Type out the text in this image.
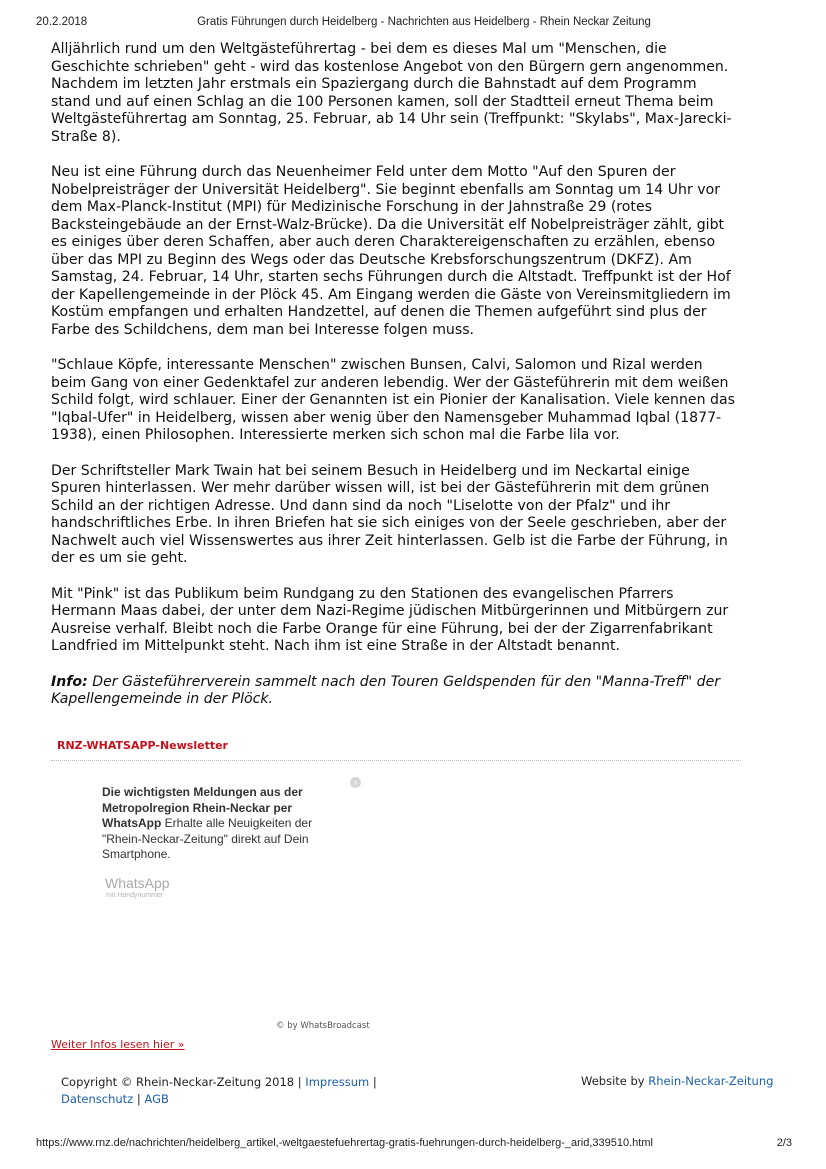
20.2.2018	Gratis Führungen durch Heidelberg - Nachrichten aus Heidelberg - Rhein Neckar Zeitung

Alljährlich rund um den Weltgästeführertag - bei dem es dieses Mal um "Menschen, die Geschichte schrieben" geht - wird das kostenlose Angebot von den Bürgern gern angenommen. Nachdem im letzten Jahr erstmals ein Spaziergang durch die Bahnstadt auf dem Programm stand und auf einen Schlag an die 100 Personen kamen, soll der Stadtteil erneut Thema beim Weltgästeführertag am Sonntag, 25. Februar, ab 14 Uhr sein (Treffpunkt: "Skylabs", Max-Jarecki-Straße 8).

Neu ist eine Führung durch das Neuenheimer Feld unter dem Motto "Auf den Spuren der Nobelpreisträger der Universität Heidelberg". Sie beginnt ebenfalls am Sonntag um 14 Uhr vor dem Max-Planck-Institut (MPI) für Medizinische Forschung in der Jahnstraße 29 (rotes Backsteingebäude an der Ernst-Walz-Brücke). Da die Universität elf Nobelpreisträger zählt, gibt es einiges über deren Schaffen, aber auch deren Charaktereigenschaften zu erzählen, ebenso über das MPI zu Beginn des Wegs oder das Deutsche Krebsforschungszentrum (DKFZ). Am Samstag, 24. Februar, 14 Uhr, starten sechs Führungen durch die Altstadt. Treffpunkt ist der Hof der Kapellengemeinde in der Plöck 45. Am Eingang werden die Gäste von Vereinsmitgliedern im Kostüm empfangen und erhalten Handzettel, auf denen die Themen aufgeführt sind plus der Farbe des Schildchens, dem man bei Interesse folgen muss.

"Schlaue Köpfe, interessante Menschen" zwischen Bunsen, Calvi, Salomon und Rizal werden beim Gang von einer Gedenktafel zur anderen lebendig. Wer der Gästeführerin mit dem weißen Schild folgt, wird schlauer. Einer der Genannten ist ein Pionier der Kanalisation. Viele kennen das "Iqbal-Ufer" in Heidelberg, wissen aber wenig über den Namensgeber Muhammad Iqbal (1877-1938), einen Philosophen. Interessierte merken sich schon mal die Farbe lila vor.

Der Schriftsteller Mark Twain hat bei seinem Besuch in Heidelberg und im Neckartal einige Spuren hinterlassen. Wer mehr darüber wissen will, ist bei der Gästeführerin mit dem grünen Schild an der richtigen Adresse. Und dann sind da noch "Liselotte von der Pfalz" und ihr handschriftliches Erbe. In ihren Briefen hat sie sich einiges von der Seele geschrieben, aber der Nachwelt auch viel Wissenswertes aus ihrer Zeit hinterlassen. Gelb ist die Farbe der Führung, in der es um sie geht.

Mit "Pink" ist das Publikum beim Rundgang zu den Stationen des evangelischen Pfarrers Hermann Maas dabei, der unter dem Nazi-Regime jüdischen Mitbürgerinnen und Mitbürgern zur Ausreise verhalf. Bleibt noch die Farbe Orange für eine Führung, bei der der Zigarrenfabrikant Landfried im Mittelpunkt steht. Nach ihm ist eine Straße in der Altstadt benannt.

Info: Der Gästeführerverein sammelt nach den Touren Geldspenden für den "Manna-Treff" der Kapellengemeinde in der Plöck.

RNZ-WHATSAPP-Newsletter
Die wichtigsten Meldungen aus der Metropolregion Rhein-Neckar per WhatsApp Erhalte alle Neuigkeiten der "Rhein-Neckar-Zeitung" direkt auf Dein Smartphone.
›
WhatsApp
mit Handynummer
© by WhatsBroadcast
Weiter Infos lesen hier »
Copyright © Rhein-Neckar-Zeitung 2018 | Impressum |
Datenschutz | AGB
Website by Rhein-Neckar-Zeitung
https://www.rnz.de/nachrichten/heidelberg_artikel,-weltgaestefuehrertag-gratis-fuehrungen-durch-heidelberg-_arid,339510.html	2/3
